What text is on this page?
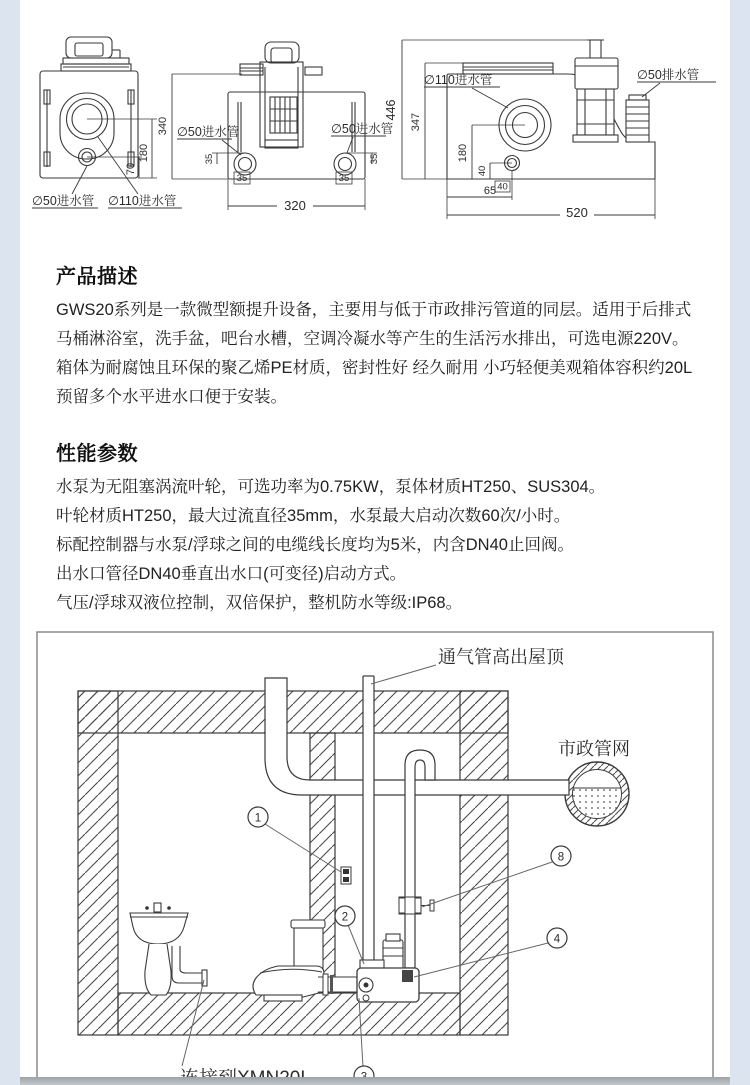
180
70
340
∅50进水管 ∅110进水管
35
35
35
35
320
∅50进水管	∅50进水管
446
347
180
40
40
65
520
∅110进水管	∅50排水管
产品描述
GWS20系列是一款微型额提升设备，主要用与低于市政排污管道的同层。适用于后排式
马桶淋浴室，洗手盆，吧台水槽，空调冷凝水等产生的生活污水排出，可选电源220V。
箱体为耐腐蚀且环保的聚乙烯PE材质，密封性好 经久耐用 小巧轻便美观箱体容积约20L
预留多个水平进水口便于安装。
性能参数
水泵为无阻塞涡流叶轮，可选功率为0.75KW，泵体材质HT250、SUS304。
叶轮材质HT250，最大过流直径35mm，水泵最大启动次数60次/小时。
标配控制器与水泵/浮球之间的电缆线长度均为5米，内含DN40止回阀。
出水口管径DN40垂直出水口(可变径)启动方式。
气压/浮球双液位控制，双倍保护，整机防水等级:IP68。
1
2
4
8
通气管高出屋顶
市政管网
